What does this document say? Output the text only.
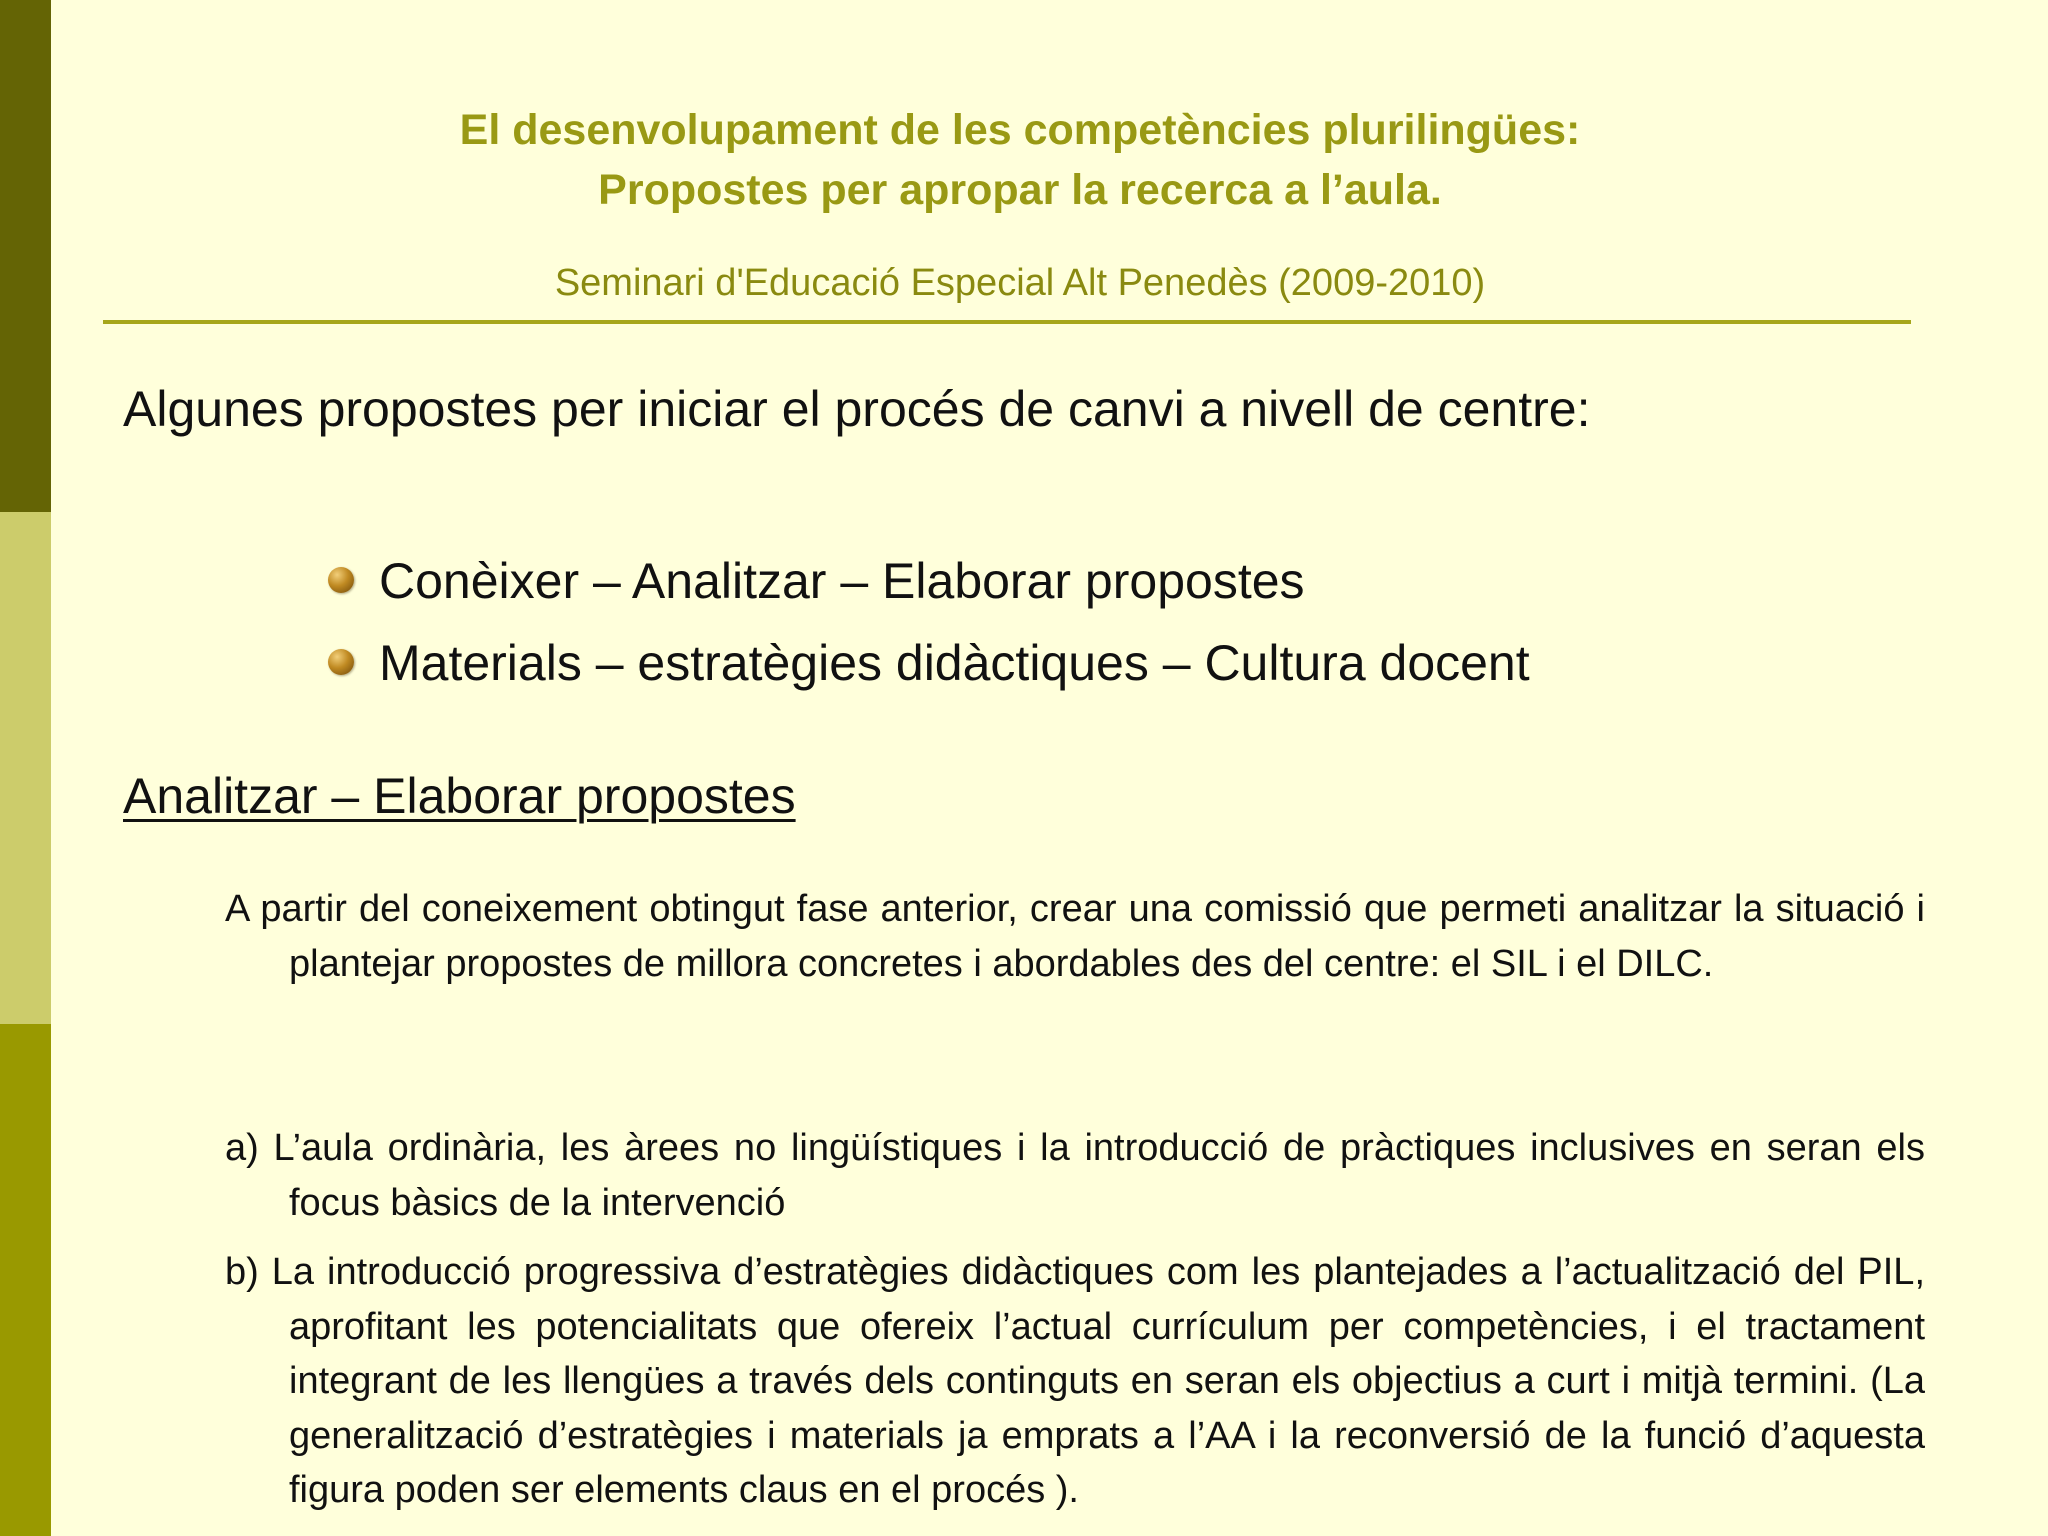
El desenvolupament de les competències plurilingües:
Propostes per apropar la recerca a l’aula.
Seminari d'Educació Especial Alt Penedès (2009-2010)
Algunes propostes per iniciar el procés de canvi a nivell de centre:
Conèixer – Analitzar – Elaborar propostes
Materials – estratègies didàctiques – Cultura docent
Analitzar – Elaborar propostes
A partir del coneixement obtingut fase anterior, crear una comissió que permeti analitzar la situació i plantejar propostes de millora concretes i abordables des del centre: el SIL i el DILC.
a) L’aula ordinària, les àrees no lingüístiques i la introducció de pràctiques inclusives en seran els focus bàsics de la intervenció
b) La introducció progressiva d’estratègies didàctiques com les plantejades a l’actualització del PIL, aprofitant les potencialitats que ofereix l’actual currículum per competències, i el tractament integrant de les llengües a través dels continguts en seran els objectius a curt i mitjà termini. (La generalització d’estratègies i materials ja emprats a l’AA i la reconversió de la funció d’aquesta figura poden ser elements claus en el procés ).
